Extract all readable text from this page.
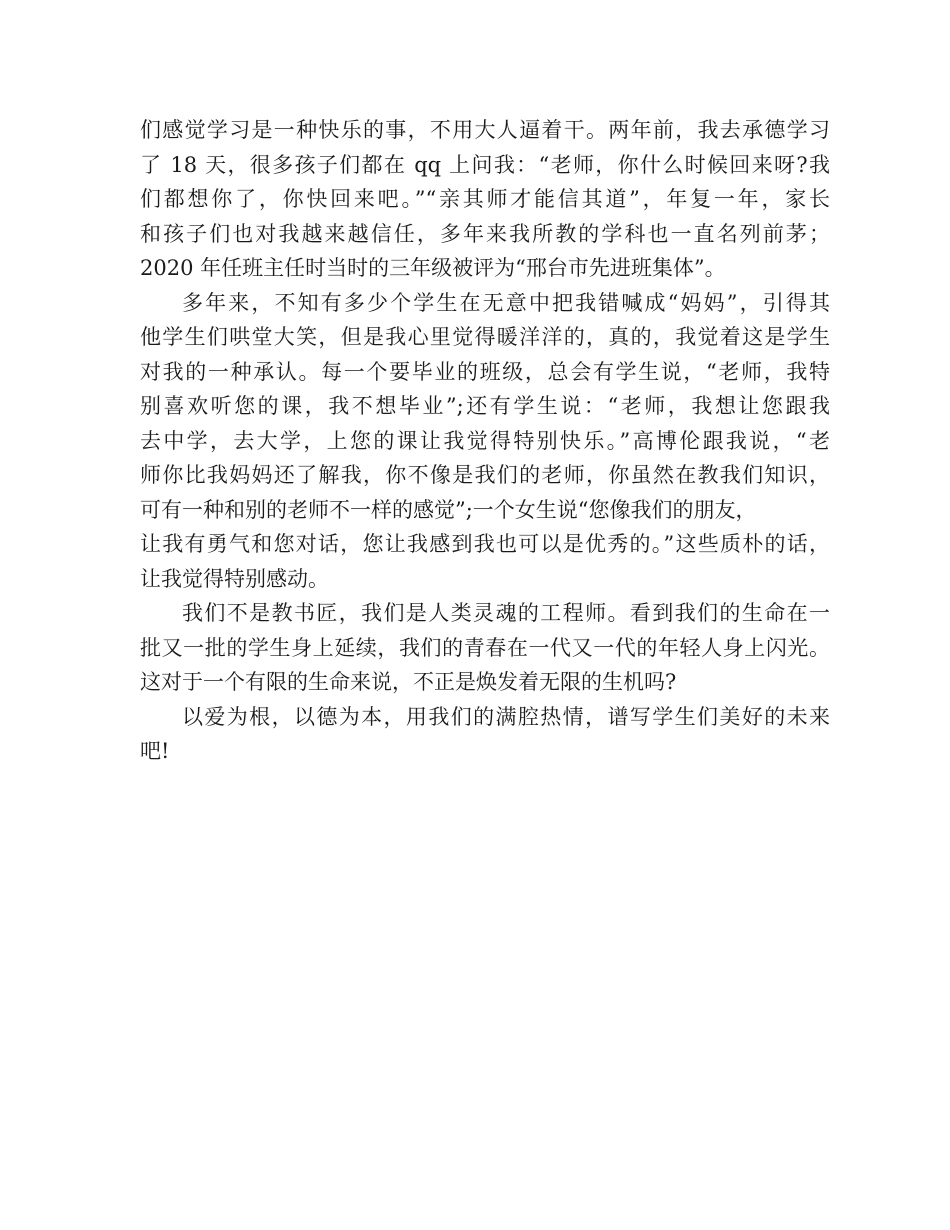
们感觉学习是一种快乐的事，不用大人逼着干。两年前，我去承德学习
了 18 天，很多孩子们都在 qq 上问我：“老师，你什么时候回来呀?我
们都想你了，你快回来吧。”“亲其师才能信其道”，年复一年，家长
和孩子们也对我越来越信任，多年来我所教的学科也一直名列前茅；
2020 年任班主任时当时的三年级被评为“邢台市先进班集体”。
多年来，不知有多少个学生在无意中把我错喊成“妈妈”，引得其
他学生们哄堂大笑，但是我心里觉得暖洋洋的，真的，我觉着这是学生
对我的一种承认。每一个要毕业的班级，总会有学生说，“老师，我特
别喜欢听您的课，我不想毕业”;还有学生说：“老师，我想让您跟我
去中学，去大学，上您的课让我觉得特别快乐。”高博伦跟我说，“老
师你比我妈妈还了解我，你不像是我们的老师，你虽然在教我们知识，
可有一种和别的老师不一样的感觉”;一个女生说“您像我们的朋友，
让我有勇气和您对话，您让我感到我也可以是优秀的。”这些质朴的话，
让我觉得特别感动。
我们不是教书匠，我们是人类灵魂的工程师。看到我们的生命在一
批又一批的学生身上延续，我们的青春在一代又一代的年轻人身上闪光。
这对于一个有限的生命来说，不正是焕发着无限的生机吗?
以爱为根，以德为本，用我们的满腔热情，谱写学生们美好的未来
吧!
